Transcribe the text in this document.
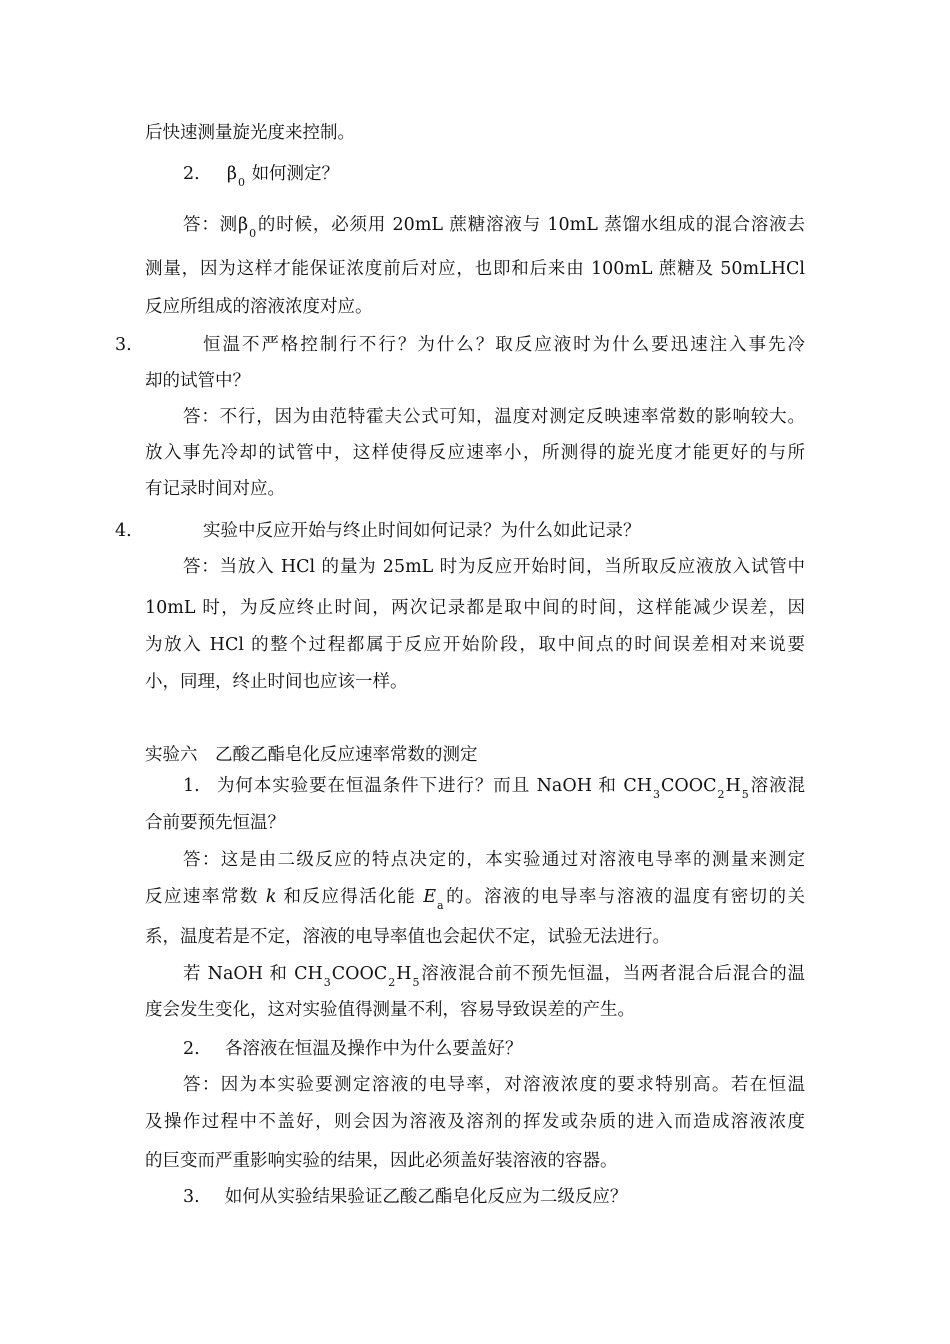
后快速测量旋光度来控制。
2. $\beta_0$ 如何测定？
答：测$\beta_0$的时候，必须用 20mL 蔗糖溶液与 10mL 蒸馏水组成的混合溶液去
测量，因为这样才能保证浓度前后对应，也即和后来由 100mL 蔗糖及 50mLHCl
反应所组成的溶液浓度对应。
3.	恒温不严格控制行不行？为什么？取反应液时为什么要迅速注入事先冷
却的试管中？
答：不行，因为由范特霍夫公式可知，温度对测定反映速率常数的影响较大。
放入事先冷却的试管中，这样使得反应速率小，所测得的旋光度才能更好的与所
有记录时间对应。
4.	实验中反应开始与终止时间如何记录？为什么如此记录？
答：当放入 HCl 的量为 25mL 时为反应开始时间，当所取反应液放入试管中
10mL 时，为反应终止时间，两次记录都是取中间的时间，这样能减少误差，因
为放入 HCl 的整个过程都属于反应开始阶段，取中间点的时间误差相对来说要
小，同理，终止时间也应该一样。
实验六　乙酸乙酯皂化反应速率常数的测定
1. 为何本实验要在恒温条件下进行？而且 NaOH 和 $CH_3COOC_2H_5$溶液混
合前要预先恒温？
答：这是由二级反应的特点决定的，本实验通过对溶液电导率的测量来测定
反应速率常数 k 和反应得活化能 $E_a$的。溶液的电导率与溶液的温度有密切的关
系，温度若是不定，溶液的电导率值也会起伏不定，试验无法进行。
若 NaOH 和 $CH_3COOC_2H_5$溶液混合前不预先恒温，当两者混合后混合的温
度会发生变化，这对实验值得测量不利，容易导致误差的产生。
2. 各溶液在恒温及操作中为什么要盖好？
答：因为本实验要测定溶液的电导率，对溶液浓度的要求特别高。若在恒温
及操作过程中不盖好，则会因为溶液及溶剂的挥发或杂质的进入而造成溶液浓度
的巨变而严重影响实验的结果，因此必须盖好装溶液的容器。
3. 如何从实验结果验证乙酸乙酯皂化反应为二级反应？
